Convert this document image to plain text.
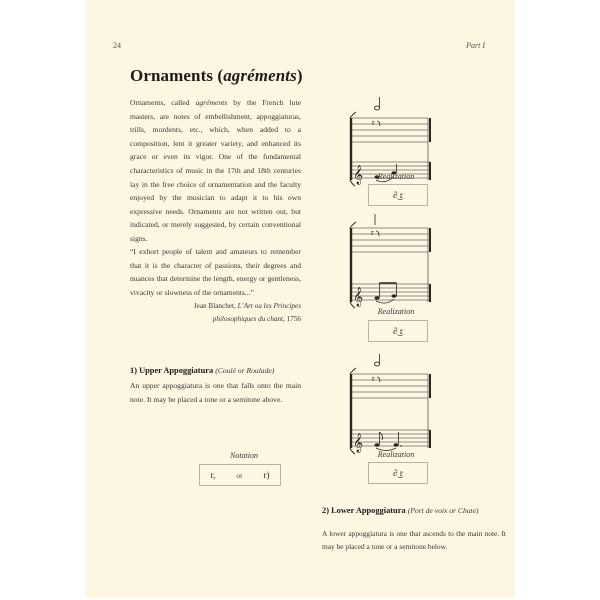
24	Part I
Ornaments (agréments)
Ornaments, called agréments by the French lute masters, are notes of embellishment, appoggiaturas, trills, mordents, etc., which, when added to a composition, lent it greater variety, and enhanced its grace or even its vigor. One of the fundamental characteristics of music in the 17th and 18th centuries lay in the free choice of ornamentation and the faculty enjoyed by the musician to adapt it to his own expressive needs. Ornaments are not written out, but indicated, or merely suggested, by certain conventional signs.
“I exhort people of talent and amateurs to remember that it is the character of passions, their degrees and nuances that determine the length, energy or gentleness, vivacity or slowness of the ornaments...”
Jean Blanchet, L’Art ou les Principes
philosophiques du chant, 1756
1) Upper Appoggiatura (Coulé or Roulade)
An upper appoggiatura is one that falls onto the main note. It may be placed a tone or a semitone above.
Notation
r,	or r)
r
𝄞	Realization
∂͜ r
r
𝄞
Realization
∂͜ r
r
𝄞
Realization
∂͜ r
2) Lower Appoggiatura (Port de voix or Chute)
A lower appoggiatura is one that ascends to the main note. It may be placed a tone or a semitone below.
